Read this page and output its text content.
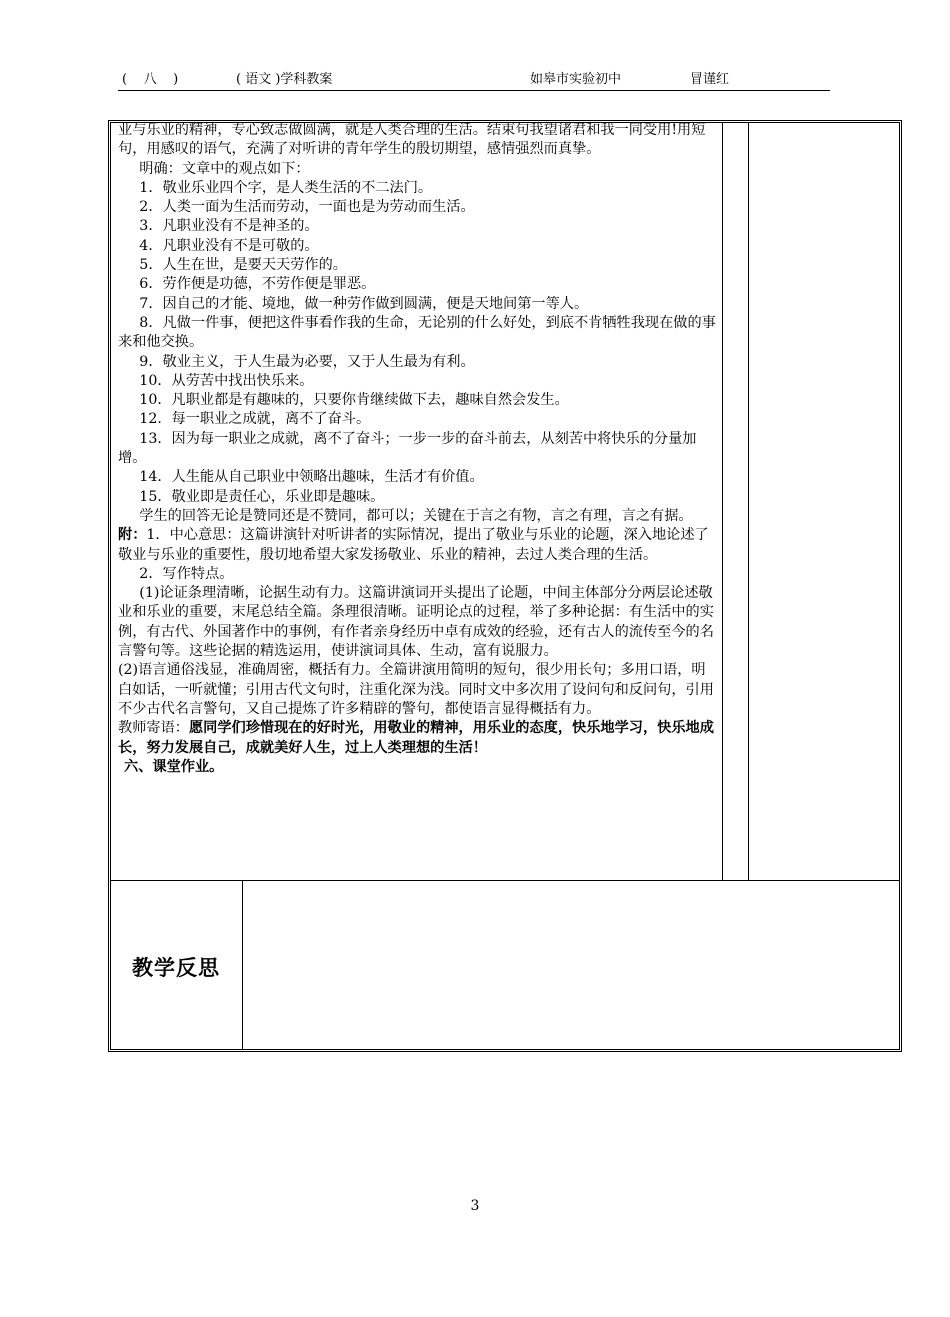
(    八    )	( 语文 )学科教案	如皋市实验初中	冒谨红

业与乐业的精神，专心致志做圆满，就是人类合理的生活。结束句我望诸君和我一同受用!用短句，用感叹的语气，充满了对听讲的青年学生的殷切期望，感情强烈而真挚。

明确：文章中的观点如下：

1．敬业乐业四个字，是人类生活的不二法门。

2．人类一面为生活而劳动，一面也是为劳动而生活。

3．凡职业没有不是神圣的。

4．凡职业没有不是可敬的。

5．人生在世，是要天天劳作的。

6．劳作便是功德，不劳作便是罪恶。

7．因自己的才能、境地，做一种劳作做到圆满，便是天地间第一等人。

8．凡做一件事，便把这件事看作我的生命，无论别的什么好处，到底不肯牺牲我现在做的事来和他交换。

9．敬业主义，于人生最为必要，又于人生最为有利。

10．从劳苦中找出快乐来。

10．凡职业都是有趣味的，只要你肯继续做下去，趣味自然会发生。

12．每一职业之成就，离不了奋斗。

13．因为每一职业之成就，离不了奋斗；一步一步的奋斗前去，从刻苦中将快乐的分量加增。

14．人生能从自己职业中领略出趣味，生活才有价值。

15．敬业即是责任心，乐业即是趣味。

学生的回答无论是赞同还是不赞同，都可以；关键在于言之有物，言之有理，言之有据。

附：1．中心意思：这篇讲演针对听讲者的实际情况，提出了敬业与乐业的论题，深入地论述了敬业与乐业的重要性，殷切地希望大家发扬敬业、乐业的精神，去过人类合理的生活。

2．写作特点。

(1)论证条理清晰，论据生动有力。这篇讲演词开头提出了论题，中间主体部分分两层论述敬业和乐业的重要，末尾总结全篇。条理很清晰。证明论点的过程，举了多种论据：有生活中的实例，有古代、外国著作中的事例，有作者亲身经历中卓有成效的经验，还有古人的流传至今的名言警句等。这些论据的精选运用，使讲演词具体、生动，富有说服力。

(2)语言通俗浅显，准确周密，概括有力。全篇讲演用简明的短句，很少用长句；多用口语，明白如话，一听就懂；引用古代文句时，注重化深为浅。同时文中多次用了设问句和反问句，引用不少古代名言警句，又自己提炼了许多精辟的警句，都使语言显得概括有力。

教师寄语：愿同学们珍惜现在的好时光，用敬业的精神，用乐业的态度，快乐地学习，快乐地成长，努力发展自己，成就美好人生，过上人类理想的生活！

六、课堂作业。

教学反思
3
